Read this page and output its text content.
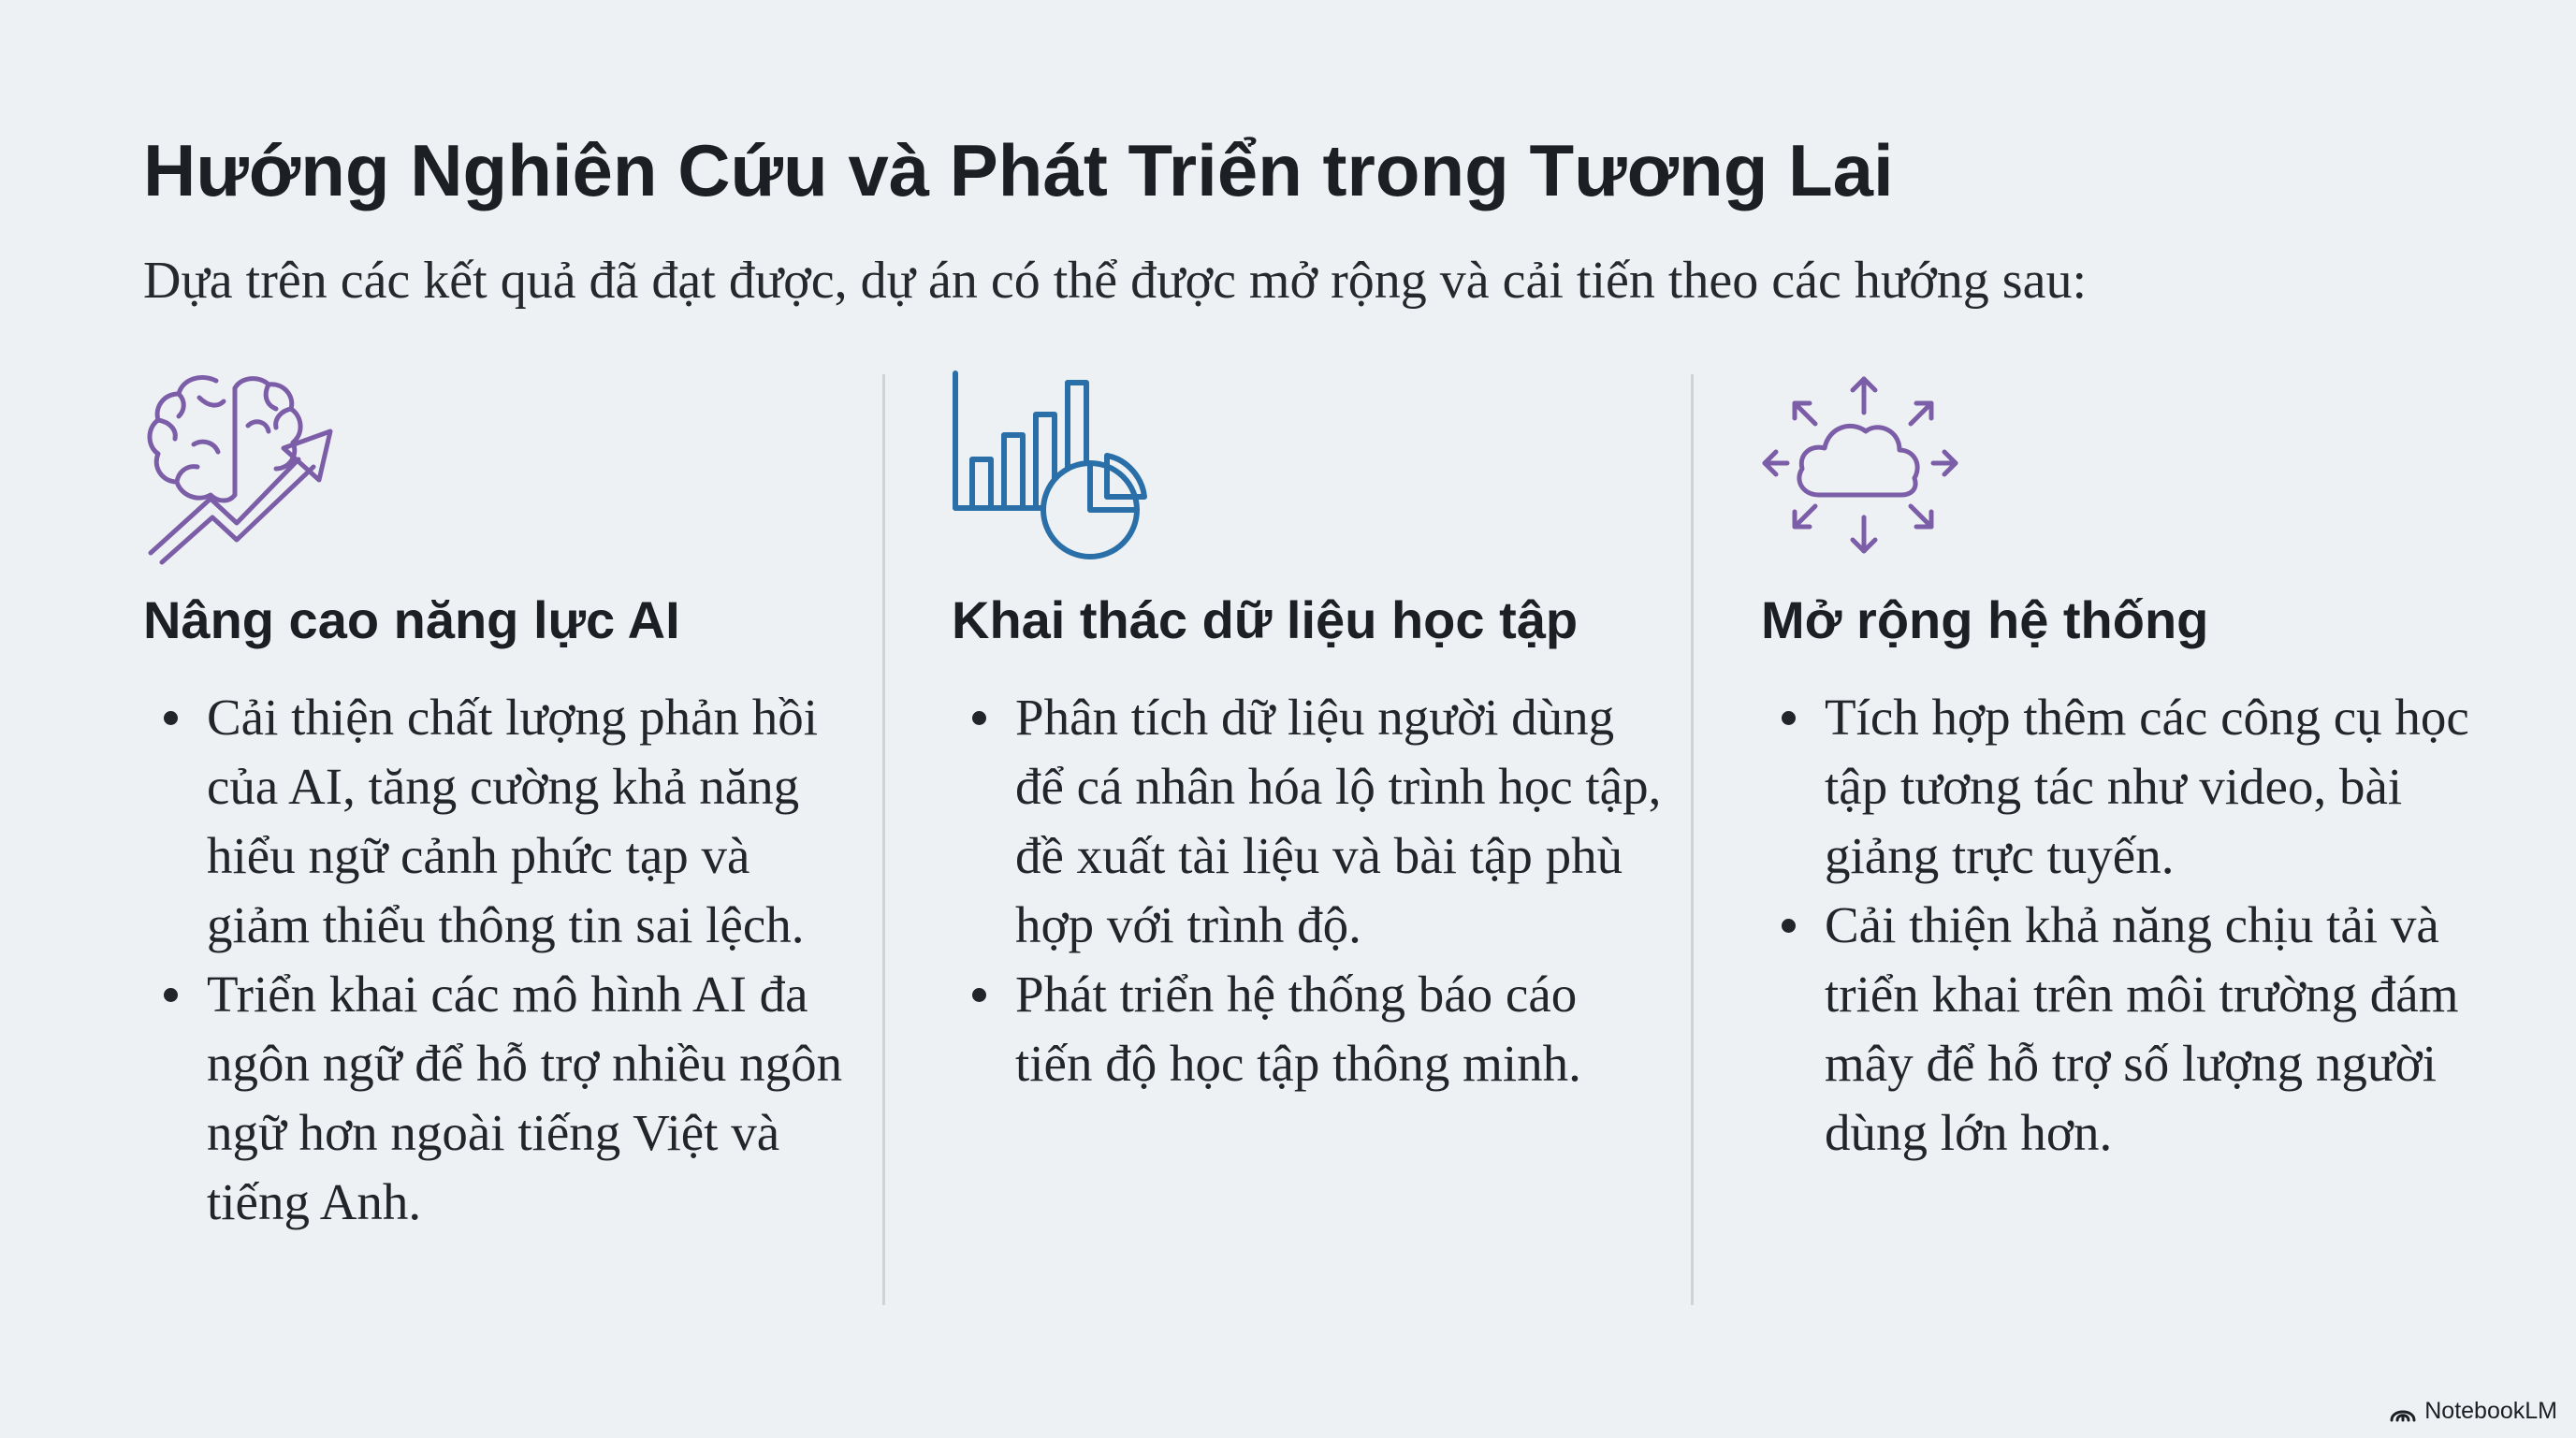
Hướng Nghiên Cứu và Phát Triển trong Tương Lai

Dựa trên các kết quả đã đạt được, dự án có thể được mở rộng và cải tiến theo các hướng sau:

Nâng cao năng lực AI
Cải thiện chất lượng phản hồi của AI, tăng cường khả năng hiểu ngữ cảnh phức tạp và giảm thiểu thông tin sai lệch.
Triển khai các mô hình AI đa ngôn ngữ để hỗ trợ nhiều ngôn ngữ hơn ngoài tiếng Việt và tiếng Anh.
Khai thác dữ liệu học tập
Phân tích dữ liệu người dùng để cá nhân hóa lộ trình học tập, đề xuất tài liệu và bài tập phù hợp với trình độ.
Phát triển hệ thống báo cáo tiến độ học tập thông minh.
Mở rộng hệ thống
Tích hợp thêm các công cụ học tập tương tác như video, bài giảng trực tuyến.
Cải thiện khả năng chịu tải và triển khai trên môi trường đám mây để hỗ trợ số lượng người dùng lớn hơn.
NotebookLM
